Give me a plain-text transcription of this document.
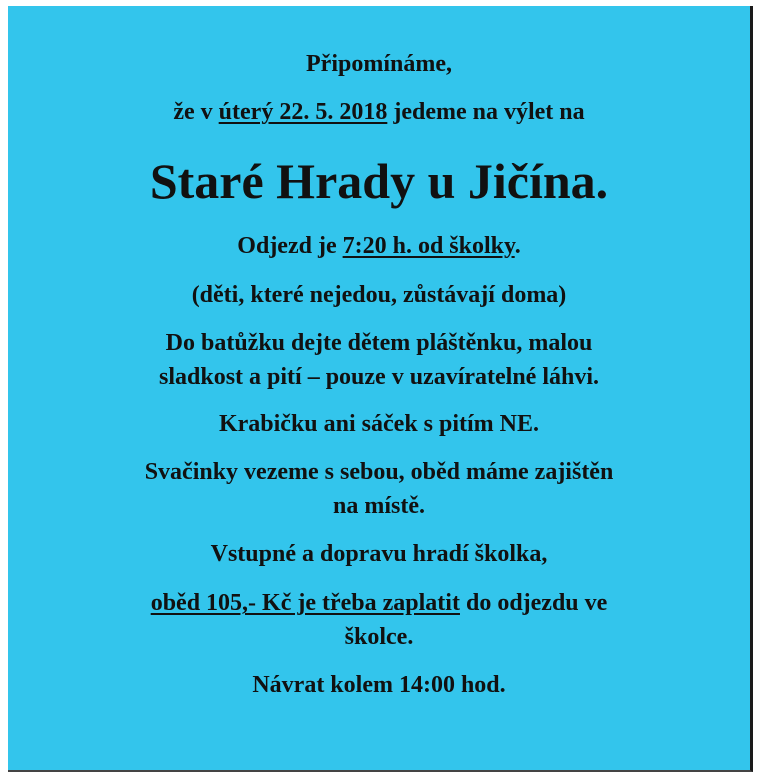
Připomínáme,
že v úterý 22. 5. 2018 jedeme na výlet na
Staré Hrady u Jičína.
Odjezd je 7:20 h. od školky.
(děti, které nejedou, zůstávají doma)
Do batůžku dejte dětem pláštěnku, malou
sladkost a pití – pouze v uzavíratelné láhvi.
Krabičku ani sáček s pitím NE.
Svačinky vezeme s sebou, oběd máme zajištěn
na místě.
Vstupné a dopravu hradí školka,
oběd 105,- Kč je třeba zaplatit do odjezdu ve
školce.
Návrat kolem 14:00 hod.
